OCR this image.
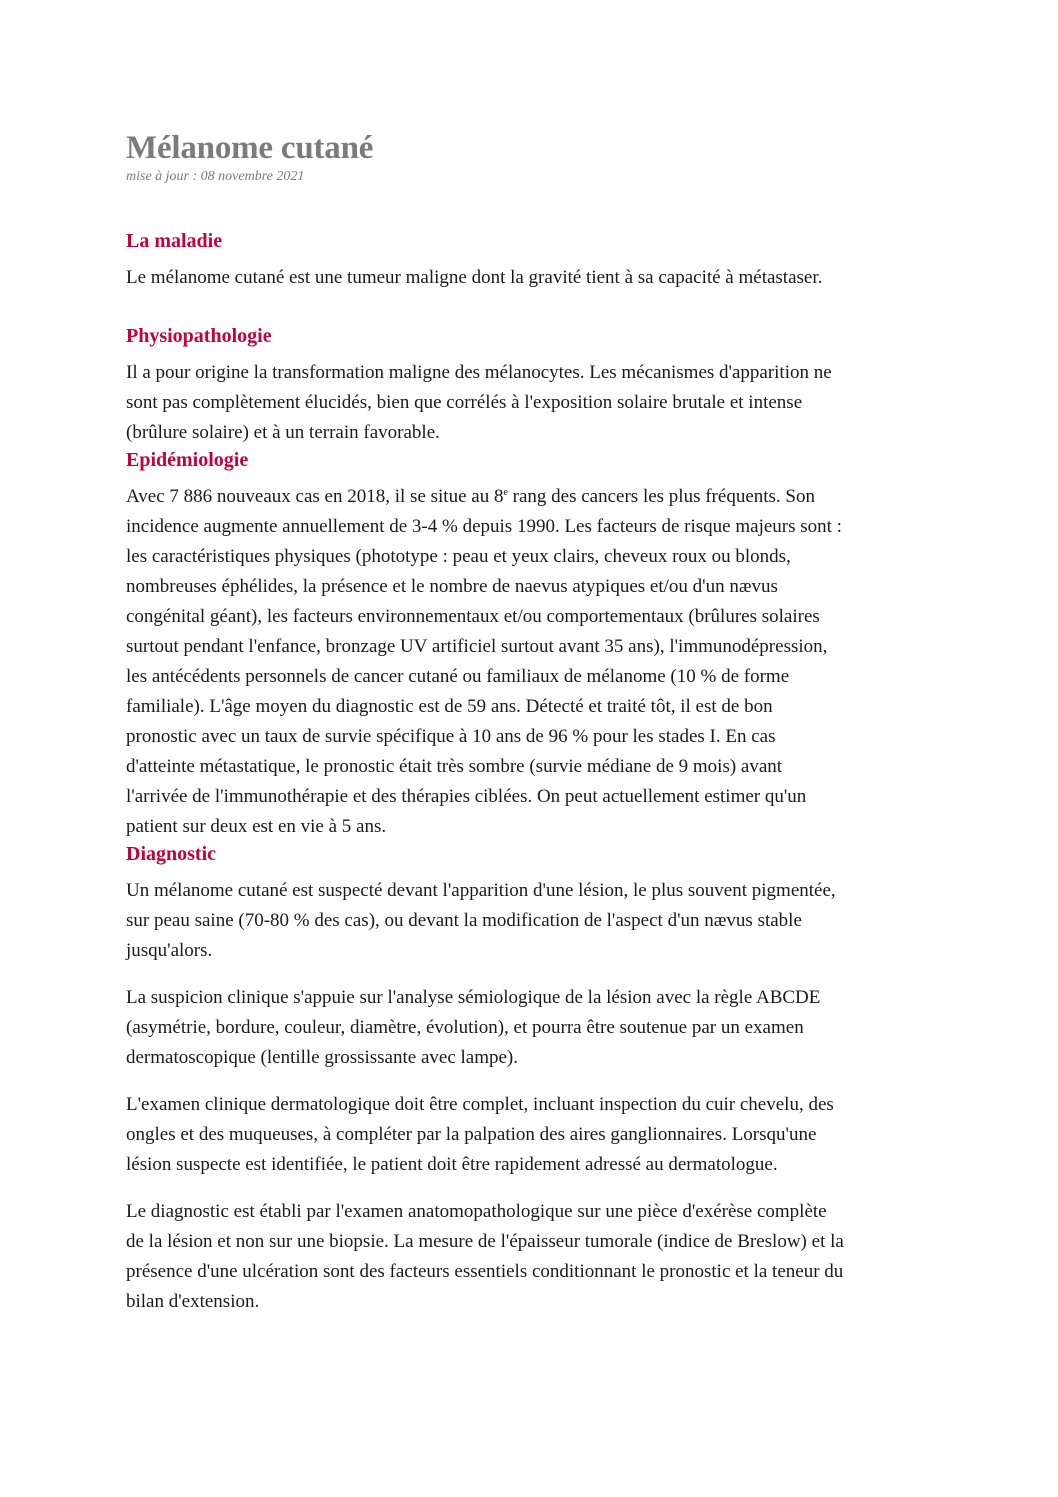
Mélanome cutané

mise à jour : 08 novembre 2021

La maladie

Le mélanome cutané est une tumeur maligne dont la gravité tient à sa capacité à métastaser.

Physiopathologie

Il a pour origine la transformation maligne des mélanocytes. Les mécanismes d'apparition ne
sont pas complètement élucidés, bien que corrélés à l'exposition solaire brutale et intense
(brûlure solaire) et à un terrain favorable.

Epidémiologie

Avec 7 886 nouveaux cas en 2018, il se situe au 8e rang des cancers les plus fréquents. Son
incidence augmente annuellement de 3-4 % depuis 1990. Les facteurs de risque majeurs sont :
les caractéristiques physiques (phototype : peau et yeux clairs, cheveux roux ou blonds,
nombreuses éphélides, la présence et le nombre de naevus atypiques et/ou d'un nævus
congénital géant), les facteurs environnementaux et/ou comportementaux (brûlures solaires
surtout pendant l'enfance, bronzage UV artificiel surtout avant 35 ans), l'immunodépression,
les antécédents personnels de cancer cutané ou familiaux de mélanome (10 % de forme
familiale). L'âge moyen du diagnostic est de 59 ans. Détecté et traité tôt, il est de bon
pronostic avec un taux de survie spécifique à 10 ans de 96 % pour les stades I. En cas
d'atteinte métastatique, le pronostic était très sombre (survie médiane de 9 mois) avant
l'arrivée de l'immunothérapie et des thérapies ciblées. On peut actuellement estimer qu'un
patient sur deux est en vie à 5 ans.

Diagnostic

Un mélanome cutané est suspecté devant l'apparition d'une lésion, le plus souvent pigmentée,
sur peau saine (70-80 % des cas), ou devant la modification de l'aspect d'un nævus stable
jusqu'alors.

La suspicion clinique s'appuie sur l'analyse sémiologique de la lésion avec la règle ABCDE
(asymétrie, bordure, couleur, diamètre, évolution), et pourra être soutenue par un examen
dermatoscopique (lentille grossissante avec lampe).

L'examen clinique dermatologique doit être complet, incluant inspection du cuir chevelu, des
ongles et des muqueuses, à compléter par la palpation des aires ganglionnaires. Lorsqu'une
lésion suspecte est identifiée, le patient doit être rapidement adressé au dermatologue.

Le diagnostic est établi par l'examen anatomopathologique sur une pièce d'exérèse complète
de la lésion et non sur une biopsie. La mesure de l'épaisseur tumorale (indice de Breslow) et la
présence d'une ulcération sont des facteurs essentiels conditionnant le pronostic et la teneur du
bilan d'extension.
